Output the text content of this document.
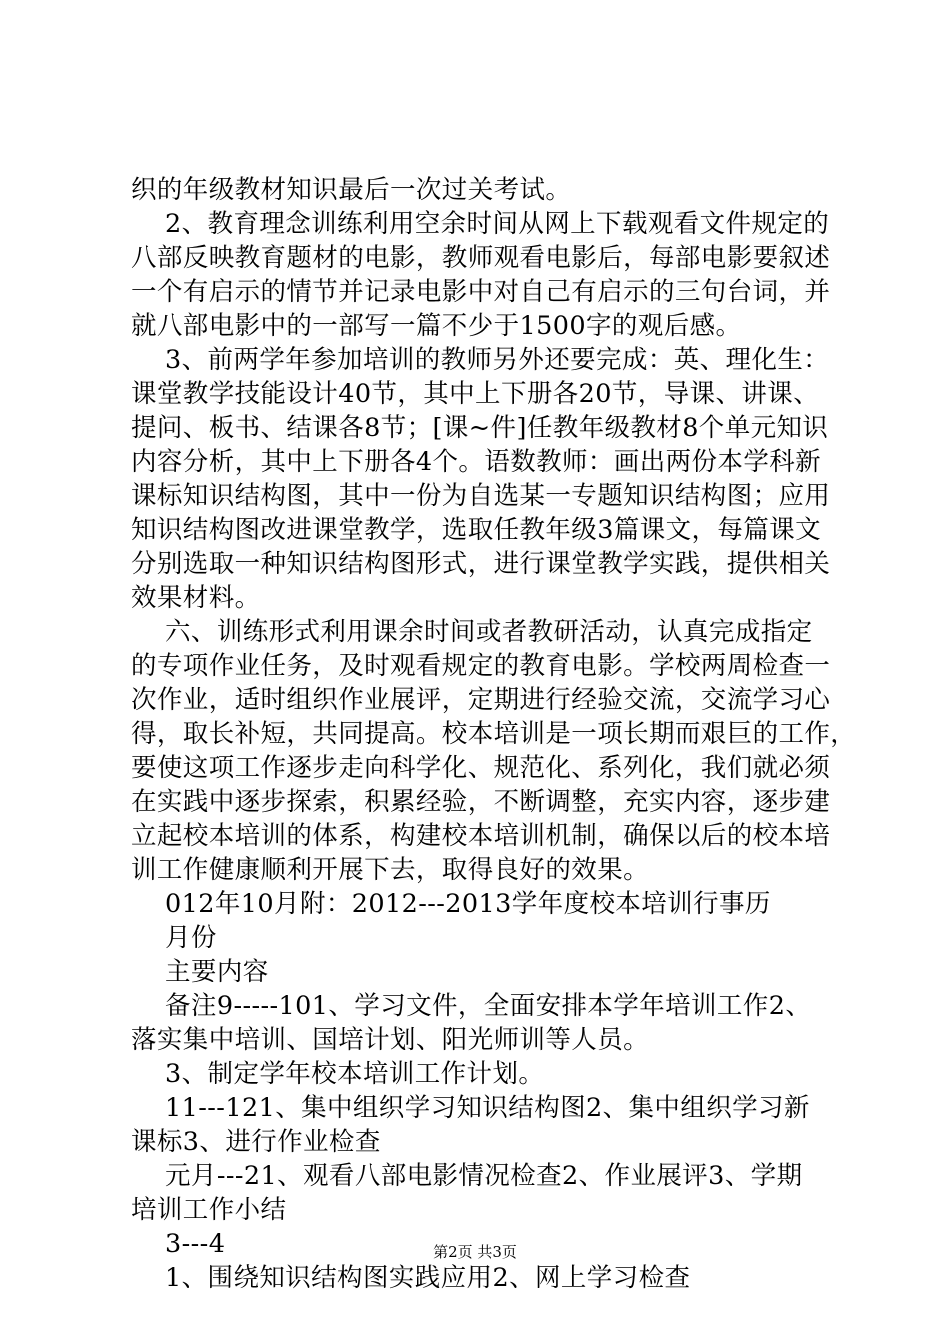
织的年级教材知识最后一次过关考试。
2、教育理念训练利用空余时间从网上下载观看文件规定的
八部反映教育题材的电影，教师观看电影后，每部电影要叙述
一个有启示的情节并记录电影中对自己有启示的三句台词，并
就八部电影中的一部写一篇不少于1500字的观后感。
3、前两学年参加培训的教师另外还要完成：英、理化生：
课堂教学技能设计40节，其中上下册各20节，导课、讲课、
提问、板书、结课各8节；[课~件]任教年级教材8个单元知识
内容分析，其中上下册各4个。语数教师：画出两份本学科新
课标知识结构图，其中一份为自选某一专题知识结构图；应用
知识结构图改进课堂教学，选取任教年级3篇课文，每篇课文
分别选取一种知识结构图形式，进行课堂教学实践，提供相关
效果材料。
六、训练形式利用课余时间或者教研活动，认真完成指定
的专项作业任务，及时观看规定的教育电影。学校两周检查一
次作业，适时组织作业展评，定期进行经验交流，交流学习心
得，取长补短，共同提高。校本培训是一项长期而艰巨的工作，
要使这项工作逐步走向科学化、规范化、系列化，我们就必须
在实践中逐步探索，积累经验，不断调整，充实内容，逐步建
立起校本培训的体系，构建校本培训机制，确保以后的校本培
训工作健康顺利开展下去，取得良好的效果。
012年10月附：2012---2013学年度校本培训行事历
月份
主要内容
备注9-----101、学习文件，全面安排本学年培训工作2、
落实集中培训、国培计划、阳光师训等人员。
3、制定学年校本培训工作计划。
11---121、集中组织学习知识结构图2、集中组织学习新
课标3、进行作业检查
元月---21、观看八部电影情况检查2、作业展评3、学期
培训工作小结
3---4
1、围绕知识结构图实践应用2、网上学习检查
第2页 共3页
